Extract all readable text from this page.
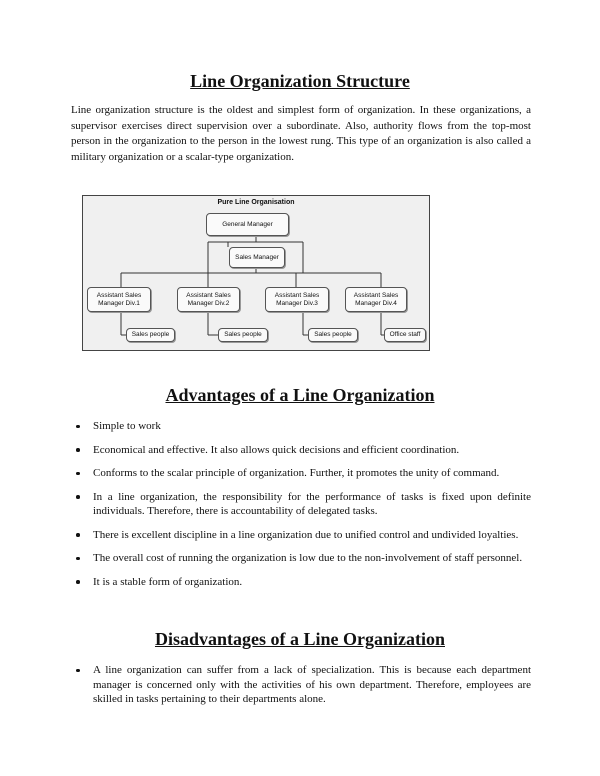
Line Organization Structure

Line organization structure is the oldest and simplest form of organization. In these organizations, a supervisor exercises direct supervision over a subordinate. Also, authority flows from the top-most person in the organization to the person in the lowest rung. This type of an organization is also called a military organization or a scalar-type organization.

Pure Line Organisation
General Manager
Sales Manager
Assistant Sales
Manager Div.1
Assistant Sales
Manager Div.2
Assistant Sales
Manager Div.3
Assistant Sales
Manager Div.4
Sales people	Sales people	Sales people	Office staff
Advantages of a Line Organization
Simple to work
Economical and effective. It also allows quick decisions and efficient coordination.
Conforms to the scalar principle of organization. Further, it promotes the unity of command.
In a line organization, the responsibility for the performance of tasks is fixed upon definite individuals. Therefore, there is accountability of delegated tasks.
There is excellent discipline in a line organization due to unified control and undivided loyalties.
The overall cost of running the organization is low due to the non-involvement of staff personnel.
It is a stable form of organization.
Disadvantages of a Line Organization
A line organization can suffer from a lack of specialization. This is because each department manager is concerned only with the activities of his own department. Therefore, employees are skilled in tasks pertaining to their departments alone.
